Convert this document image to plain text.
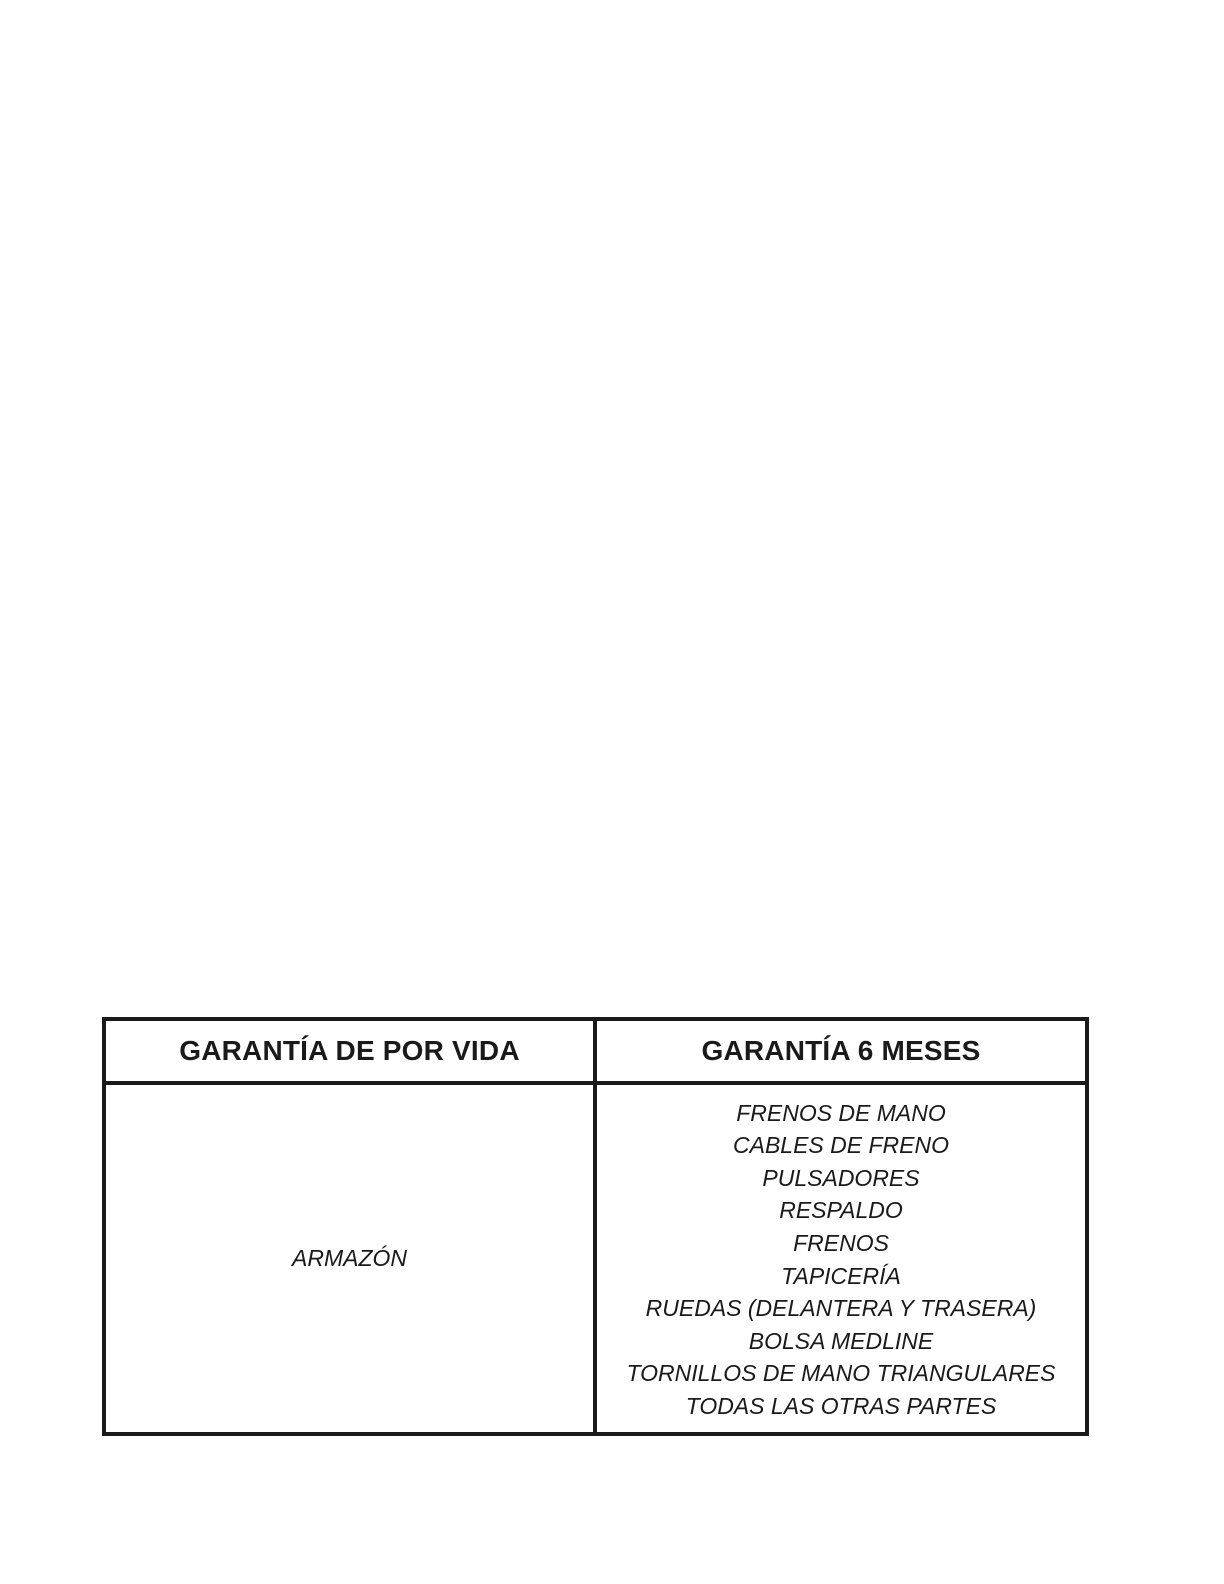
GARANTÍA DE POR VIDA	GARANTÍA 6 MESES
ARMAZÓN
FRENOS DE MANO
CABLES DE FRENO
PULSADORES
RESPALDO
FRENOS
TAPICERÍA
RUEDAS (DELANTERA Y TRASERA)
BOLSA MEDLINE
TORNILLOS DE MANO TRIANGULARES
TODAS LAS OTRAS PARTES
